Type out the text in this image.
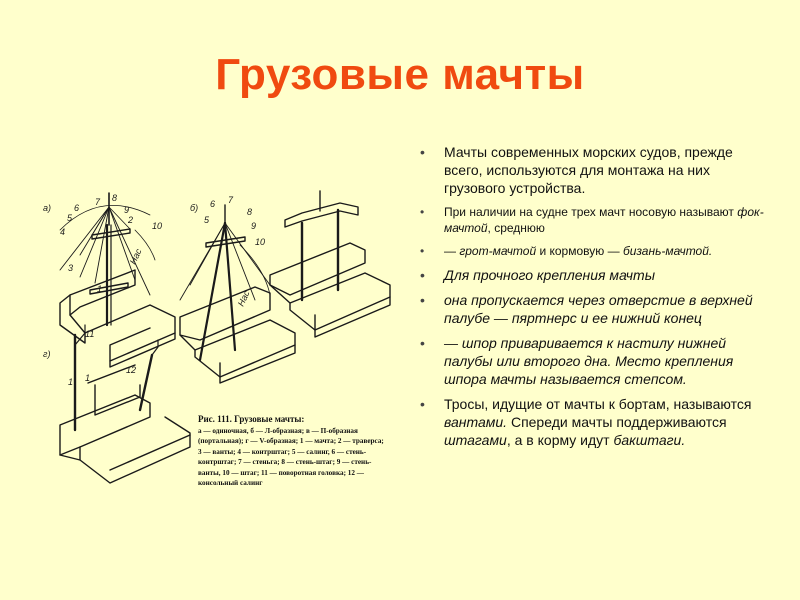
Грузовые мачты
а)	б)
г)
Нас
Нас
7 8
9
6
5
4
2
10
3
1
6
5
7
8
9
10
11
1
12
1
Рис. 111. Грузовые мачты:
а — одиночная, б — Л-образная; в — П-образная (портальная); г — V-образная; 1 — мачта; 2 — траверса; 3 — ванты; 4 — контрштаг; 5 — салинг, 6 — стень-контрштаг; 7 — стеньга; 8 — стень-штаг; 9 — стень-ванты, 10 — штаг; 11 — поворотная головка; 12 — консольный салинг
• Мачты современных морских судов, прежде всего, используются для монтажа на них грузового устройства.
• При наличии на судне трех мачт носовую называют фок-мачтой, среднюю
• — грот-мачтой и кормовую — бизань-мачтой.
• Для прочного крепления мачты
• она пропускается через отверстие в верхней палубе — пяртнерс и ее нижний конец
• — шпор приваривается к настилу нижней палубы или второго дна. Место крепления шпора мачты называется степсом.
• Тросы, идущие от мачты к бортам, называются вантами. Спереди мачты поддерживаются штагами, а в корму идут бакштаги.
